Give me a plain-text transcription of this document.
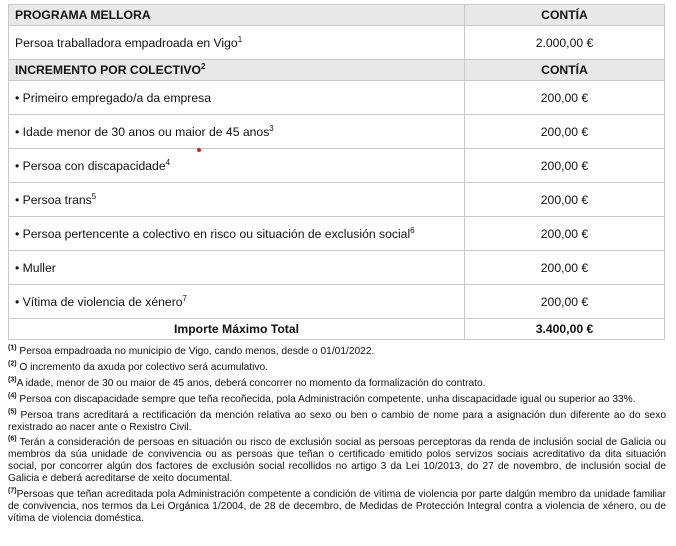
PROGRAMA MELLORA	CONTÍA
Persoa traballadora empadroada en Vigo$^1$	2.000,00 €
INCREMENTO POR COLECTIVO$^2$	CONTÍA
• Primeiro empregado/a da empresa	200,00 €
• Idade menor de 30 anos ou maior de 45 anos$^3$	200,00 €
• Persoa con discapacidade$^4$	200,00 €
• Persoa trans$^5$	200,00 €
• Persoa pertencente a colectivo en risco ou situación de exclusión social$^6$	200,00 €
• Muller	200,00 €
• Vítima de violencia de xénero$^7$	200,00 €
Importe Máximo Total	3.400,00 €

$^{(1)}$ Persoa empadroada no municipio de Vigo, cando menos, desde o 01/01/2022.

$^{(2)}$ O incremento da axuda por colectivo será acumulativo.

$^{(3)}$A idade, menor de 30 ou maior de 45 anos, deberá concorrer no momento da formalización do contrato.

$^{(4)}$ Persoa con discapacidade sempre que teña recoñecida, pola Administración competente, unha discapacidade igual ou superior ao 33%.

$^{(5)}$ Persoa trans acreditará a rectificación da mención relativa ao sexo ou ben o cambio de nome para a asignación dun diferente ao do sexo rexistrado ao nacer ante o Rexistro Civil.

$^{(6)}$ Terán a consideración de persoas en situación ou risco de exclusión social as persoas perceptoras da renda de inclusión social de Galicia ou membros da súa unidade de convivencia ou as persoas que teñan o certificado emitido polos servizos sociais acreditativo da dita situación social, por concorrer algún dos factores de exclusión social recollidos no artigo 3 da Lei 10/2013, do 27 de novembro, de inclusión social de Galicia e deberá acreditarse de xeito documental.

$^{(7)}$Persoas que teñan acreditada pola Administración competente a condición de vítima de violencia por parte dalgún membro da unidade familiar de convivencia, nos termos da Lei Orgánica 1/2004, de 28 de decembro, de Medidas de Protección Integral contra a violencia de xénero, ou de vítima de violencia doméstica.
